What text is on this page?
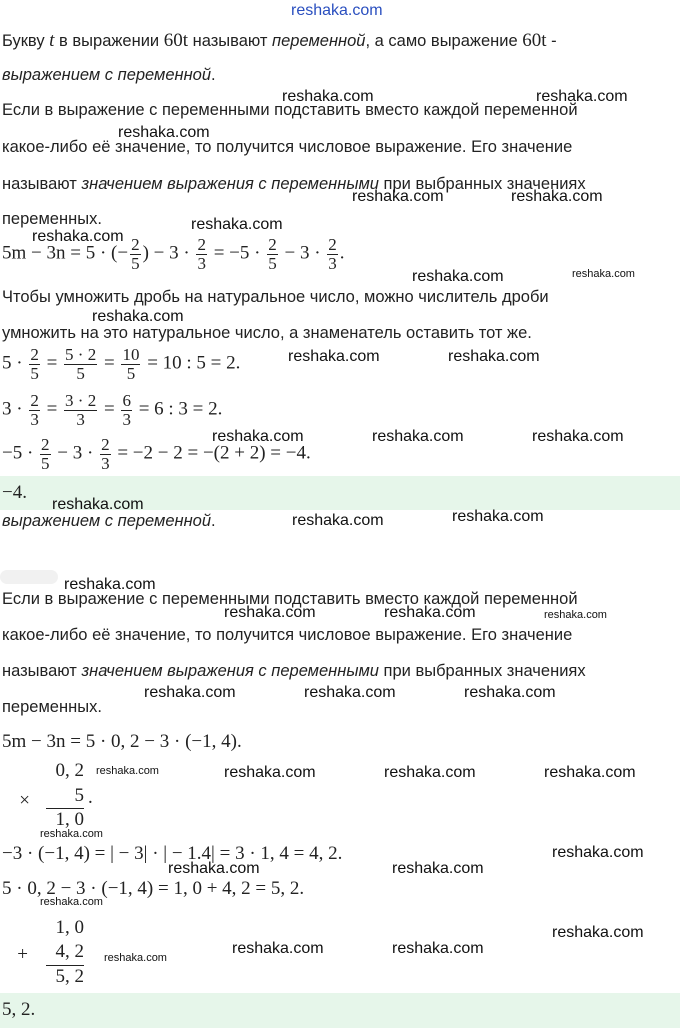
reshaka.com
Букву t в выражении 60t называют переменной, а само выражение 60t -
выражением с переменной.
Если в выражение с переменными подставить вместо каждой переменной
какое-либо её значение, то получится числовое выражение. Его значение
называют значением выражения с переменными при выбранных значениях
переменных.
5m − 3n = 5 · (− $\frac{2}{5}$ ) − $3 \cdot \frac{2}{3} = -5 \cdot \frac{2}{5} - 3 \cdot \frac{2}{3}$ .
Чтобы умножить дробь на натуральное число, можно числитель дроби
умножить на это натуральное число, а знаменатель оставить тот же.
$5 \cdot \frac{2}{5} = \frac{5 \cdot 2}{5} = \frac{10}{5} = 10$ : 5 = 2.
$3 \cdot \frac{2}{3} = \frac{3 \cdot 2}{3} = \frac{6}{3} = 6$ : 3 = 2.
$-5 \cdot \frac{2}{5} - 3 \cdot \frac{2}{3} = -2 - 2 = -(2 + 2) = -4$.
−4.
выражением с переменной.
Если в выражение с переменными подставить вместо каждой переменной
какое-либо её значение, то получится числовое выражение. Его значение
называют значением выражения с переменными при выбранных значениях
переменных.
5m − 3n = 5 · 0, 2 − 3 · (−1, 4).
0, 2
×	5 .
1, 0
−3 · (−1, 4) = | − 3| · | − 1.4| = 3 · 1, 4 = 4, 2.
5 · 0, 2 − 3 · (−1, 4) = 1, 0 + 4, 2 = 5, 2.
1, 0
+	4, 2
5, 2
5, 2.
reshaka.com	reshaka.com
reshaka.com
reshaka.com	reshaka.com
reshaka.com
reshaka.com
reshaka.com	reshaka.com
reshaka.com
reshaka.com	reshaka.com
reshaka.com	reshaka.com	reshaka.com
reshaka.com
reshaka.com
reshaka.com
reshaka.com
reshaka.com	reshaka.com	reshaka.com
reshaka.com	reshaka.com	reshaka.com
reshaka.com	reshaka.com	reshaka.com	reshaka.com
reshaka.com
reshaka.com
reshaka.com	reshaka.com
reshaka.com
reshaka.com
reshaka.com	reshaka.com
reshaka.com
